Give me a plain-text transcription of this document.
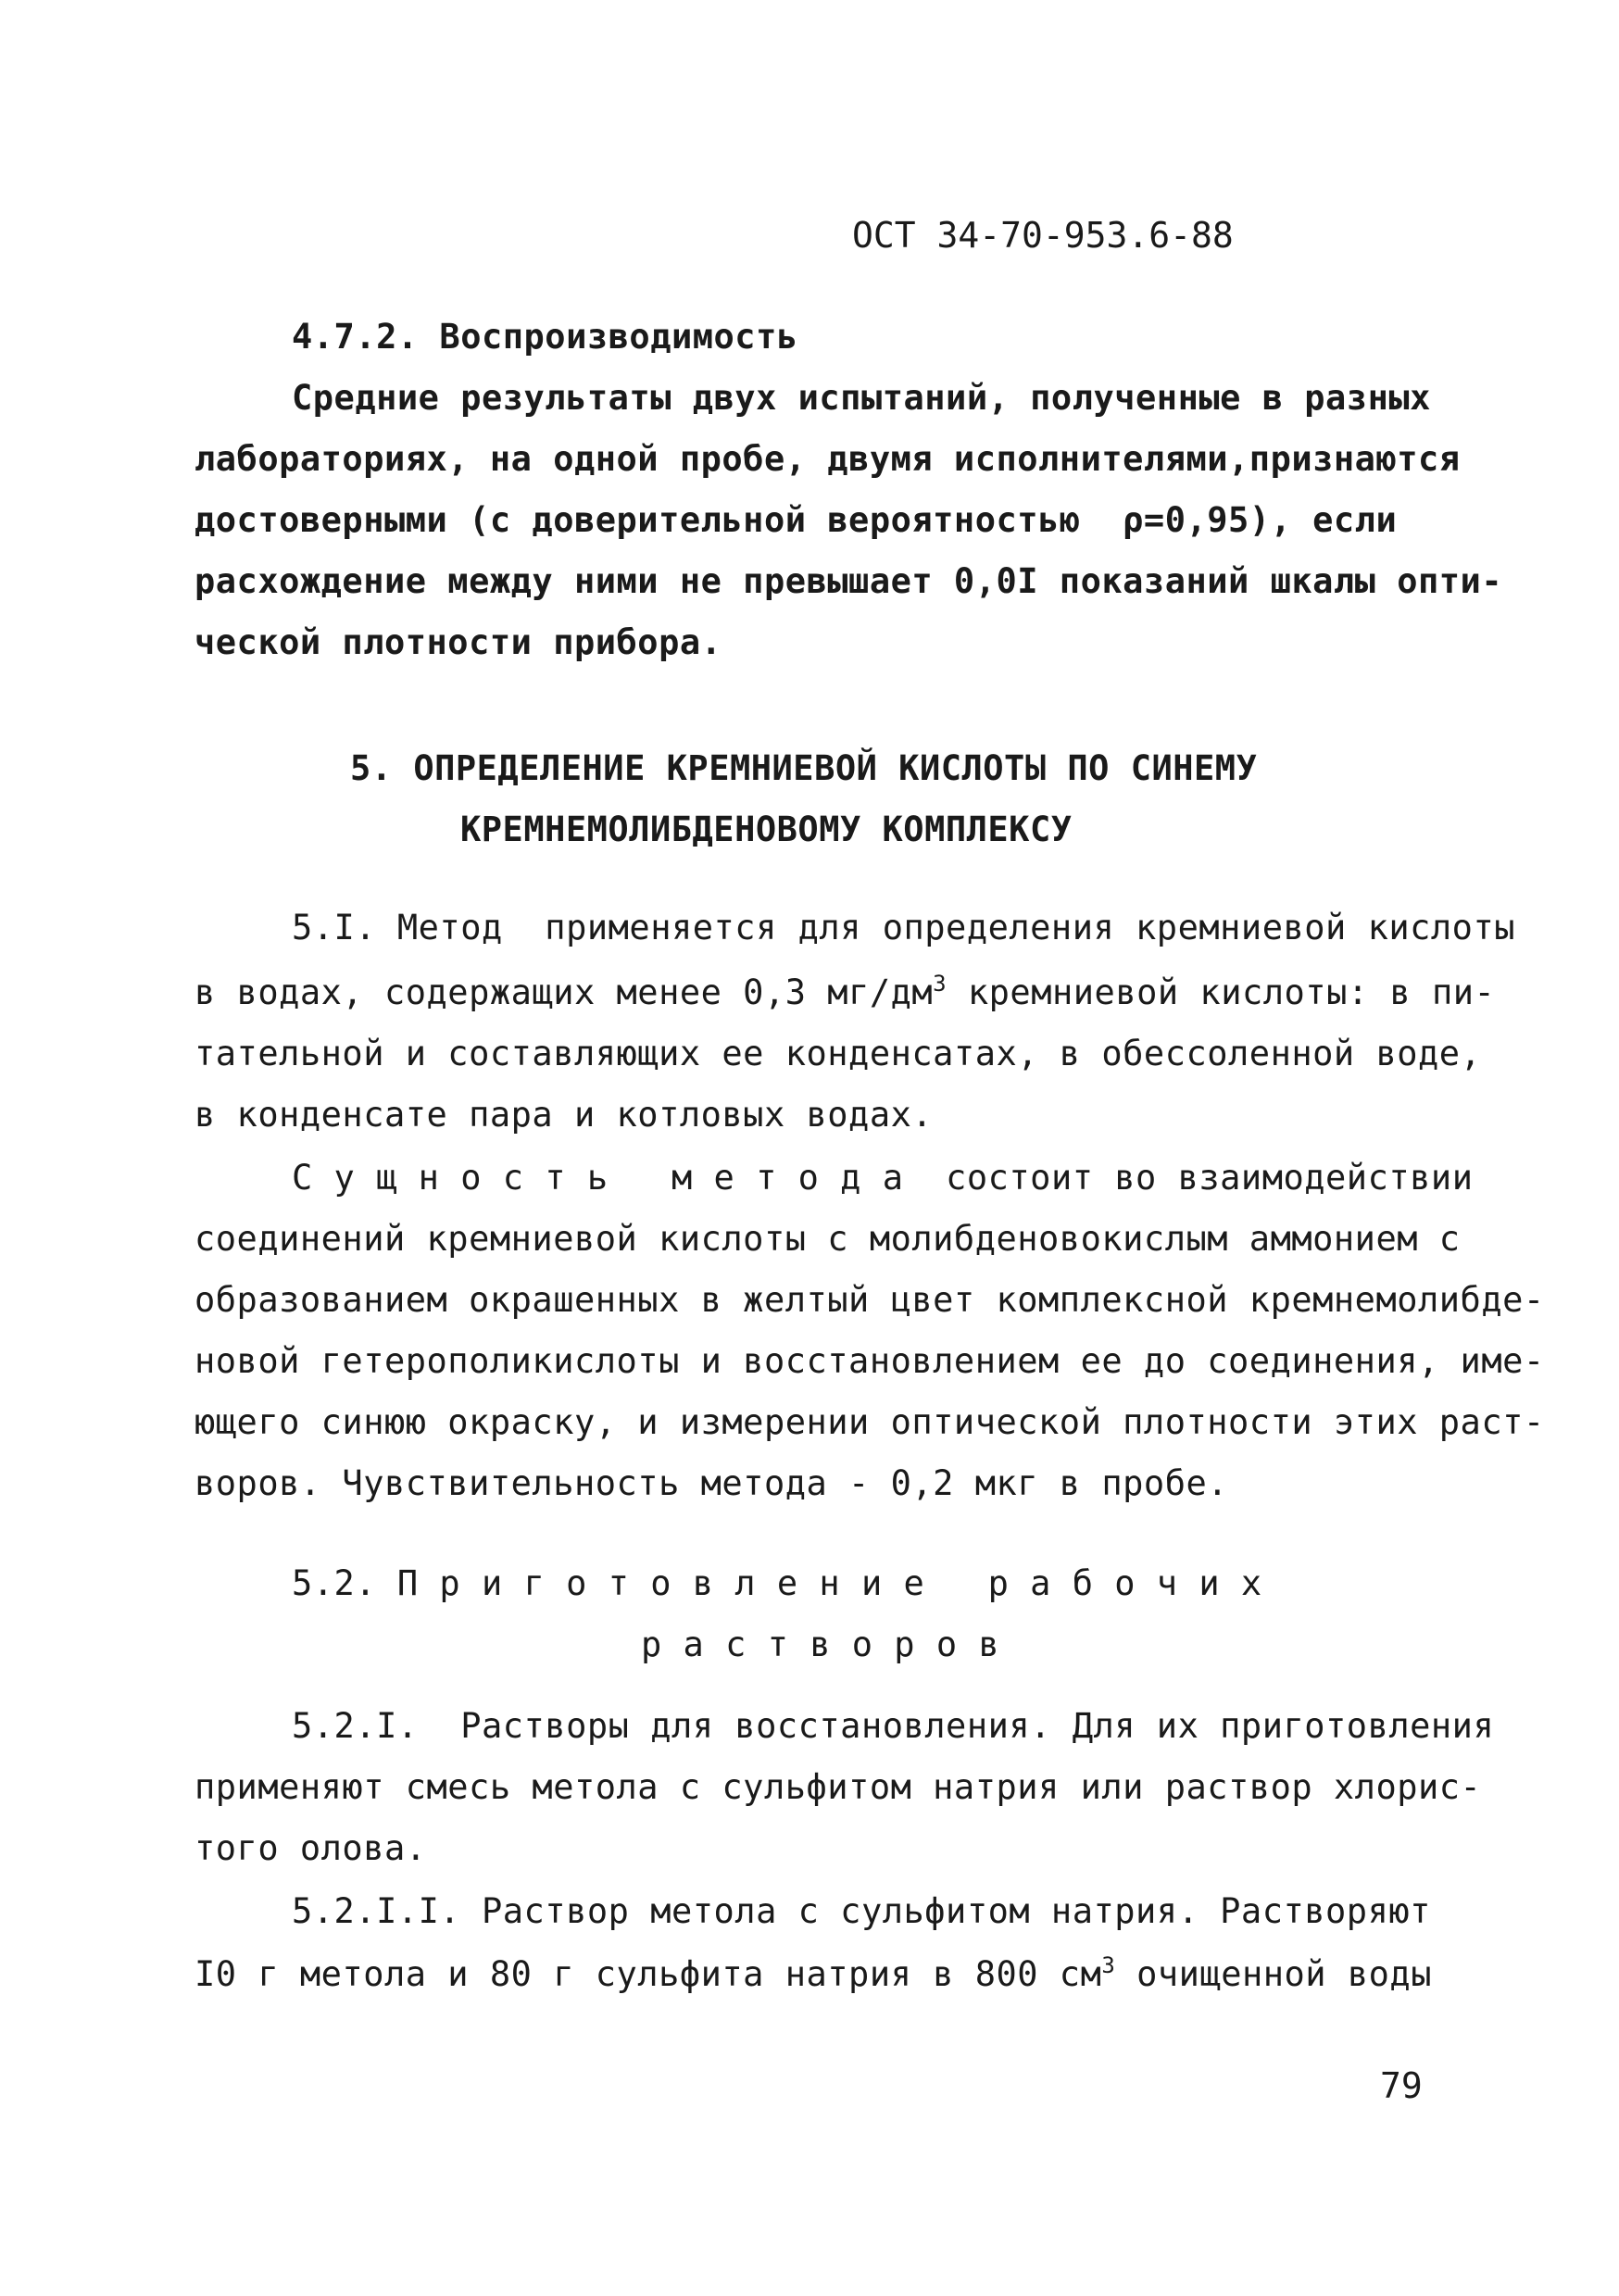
ОСТ 34-70-953.6-88
4.7.2. Воспроизводимость
Средние результаты двух испытаний, полученные в разных
лабораториях, на одной пробе, двумя исполнителями,признаются
достоверными (с доверительной вероятностью  ρ=0,95), если
расхождение между ними не превышает 0,0I показаний шкалы опти-
ческой плотности прибора.
5. ОПРЕДЕЛЕНИЕ КРЕМНИЕВОЙ КИСЛОТЫ ПО СИНЕМУ
КРЕМНЕМОЛИБДЕНОВОМУ КОМПЛЕКСУ
5.I. Метод  применяется для определения кремниевой кислоты
в водах, содержащих менее 0,3 $мг/дм^3$ кремниевой кислоты: в пи-
тательной и составляющих ее конденсатах, в обессоленной воде,
в конденсате пара и котловых водах.
С у щ н о с т ь   м е т о д а  состоит во взаимодействии
соединений кремниевой кислоты с молибденовокислым аммонием с
образованием окрашенных в желтый цвет комплексной кремнемолибде-
новой гетерополикислоты и восстановлением ее до соединения, име-
ющего синюю окраску, и измерении оптической плотности этих раст-
воров. Чувствительность метода - 0,2 мкг в пробе.
5.2. П р и г о т о в л е н и е   р а б о ч и х
р а с т в о р о в
5.2.I.  Растворы для восстановления. Для их приготовления
применяют смесь метола с сульфитом натрия или раствор хлорис-
того олова.
5.2.I.I. Раствор метола с сульфитом натрия. Растворяют
I0 г метола и 80 г сульфита натрия в 800 $см^3$ очищенной воды
79
